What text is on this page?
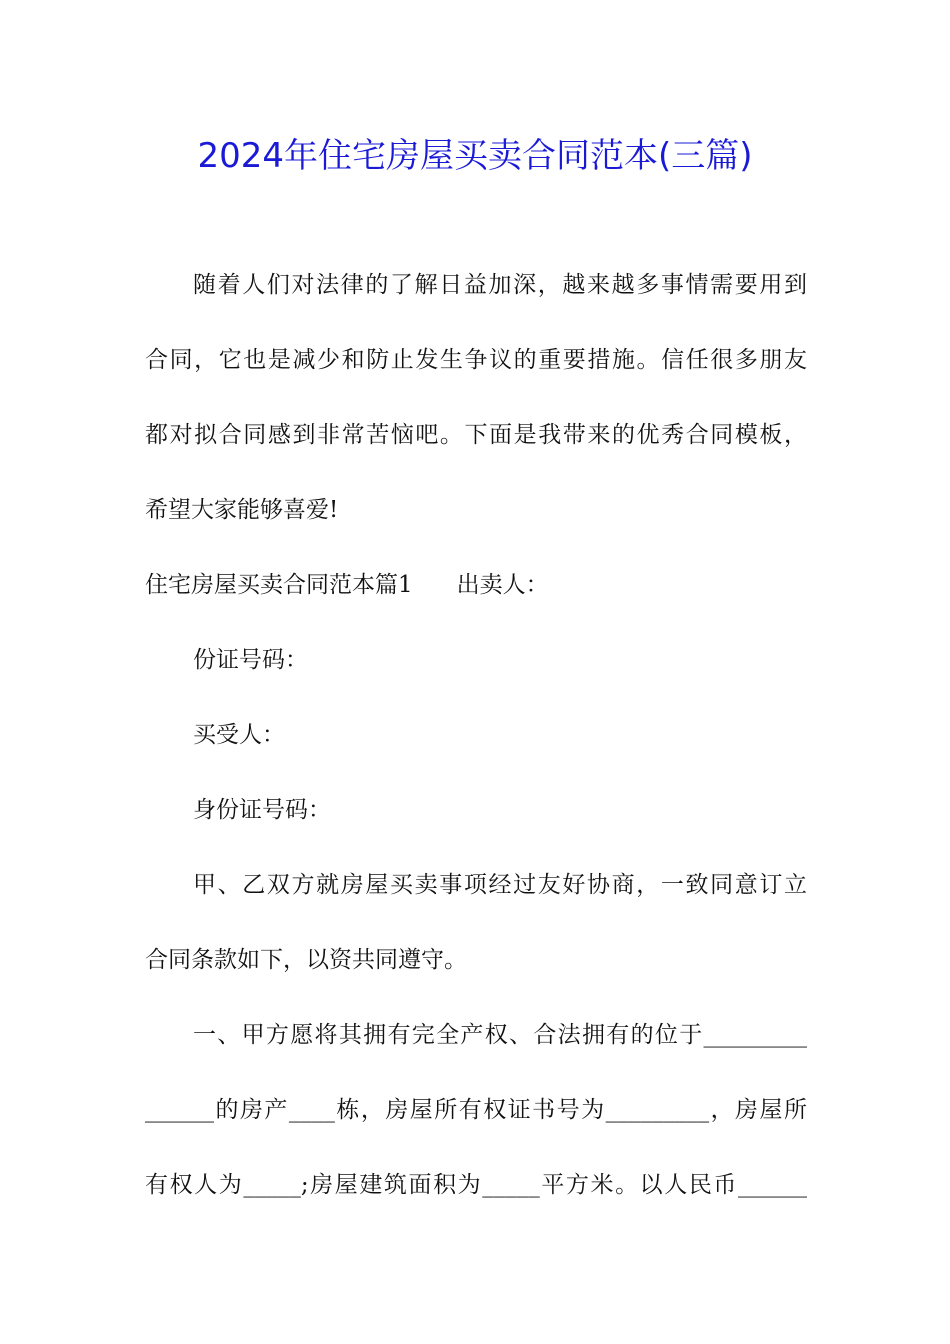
2024年住宅房屋买卖合同范本(三篇)
随着人们对法律的了解日益加深，越来越多事情需要用到
合同，它也是减少和防止发生争议的重要措施。信任很多朋友
都对拟合同感到非常苦恼吧。下面是我带来的优秀合同模板，
希望大家能够喜爱!
住宅房屋买卖合同范本篇1 出卖人：
份证号码：
买受人：
身份证号码：
甲、乙双方就房屋买卖事项经过友好协商，一致同意订立
合同条款如下，以资共同遵守。
一、甲方愿将其拥有完全产权、合法拥有的位于_________
______的房产____栋，房屋所有权证书号为_________，房屋所
有权人为_____;房屋建筑面积为_____平方米。以人民币______
